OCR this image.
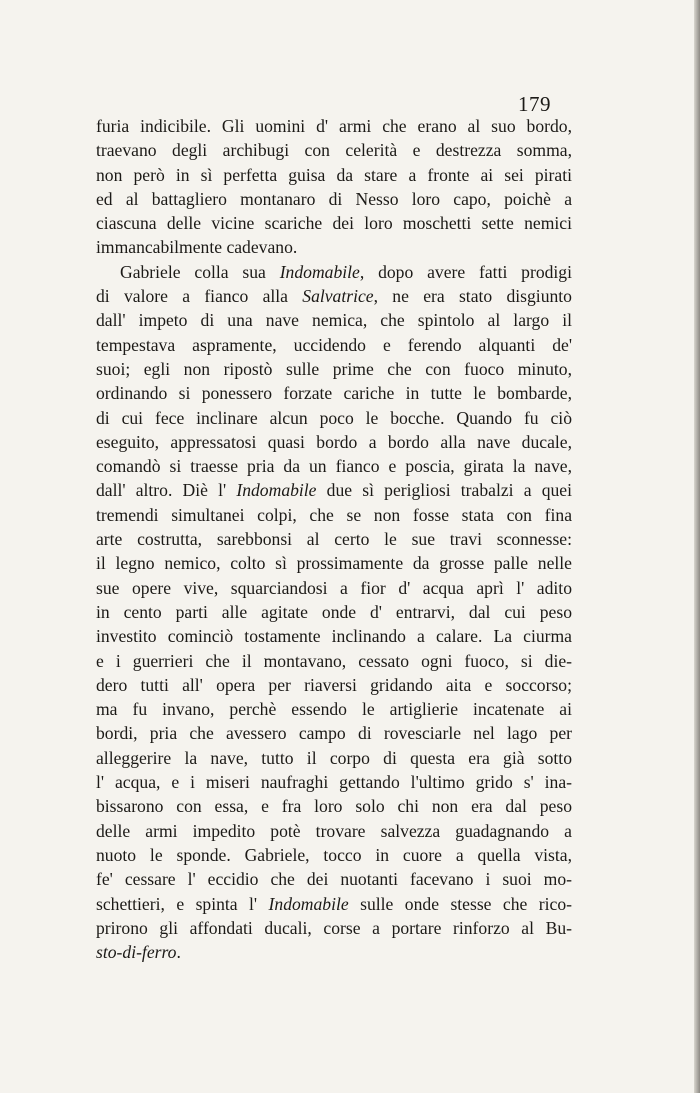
179
furia indicibile. Gli uomini d' armi che erano al suo bordo,
traevano degli archibugi con celerità e destrezza somma,
non però in sì perfetta guisa da stare a fronte ai sei pirati
ed al battagliero montanaro di Nesso loro capo, poichè a
ciascuna delle vicine scariche dei loro moschetti sette nemici
immancabilmente cadevano.
Gabriele colla sua Indomabile, dopo avere fatti prodigi
di valore a fianco alla Salvatrice, ne era stato disgiunto
dall' impeto di una nave nemica, che spintolo al largo il
tempestava aspramente, uccidendo e ferendo alquanti de'
suoi; egli non ripostò sulle prime che con fuoco minuto,
ordinando si ponessero forzate cariche in tutte le bombarde,
di cui fece inclinare alcun poco le bocche. Quando fu ciò
eseguito, appressatosi quasi bordo a bordo alla nave ducale,
comandò si traesse pria da un fianco e poscia, girata la nave,
dall' altro. Diè l' Indomabile due sì perigliosi trabalzi a quei
tremendi simultanei colpi, che se non fosse stata con fina
arte costrutta, sarebbonsi al certo le sue travi sconnesse:
il legno nemico, colto sì prossimamente da grosse palle nelle
sue opere vive, squarciandosi a fior d' acqua aprì l' adito
in cento parti alle agitate onde d' entrarvi, dal cui peso
investito cominciò tostamente inclinando a calare. La ciurma
e i guerrieri che il montavano, cessato ogni fuoco, si die-
dero tutti all' opera per riaversi gridando aita e soccorso;
ma fu invano, perchè essendo le artiglierie incatenate ai
bordi, pria che avessero campo di rovesciarle nel lago per
alleggerire la nave, tutto il corpo di questa era già sotto
l' acqua, e i miseri naufraghi gettando l'ultimo grido s' ina-
bissarono con essa, e fra loro solo chi non era dal peso
delle armi impedito potè trovare salvezza guadagnando a
nuoto le sponde. Gabriele, tocco in cuore a quella vista,
fe' cessare l' eccidio che dei nuotanti facevano i suoi mo-
schettieri, e spinta l' Indomabile sulle onde stesse che rico-
prirono gli affondati ducali, corse a portare rinforzo al Bu-
sto-di-ferro.
